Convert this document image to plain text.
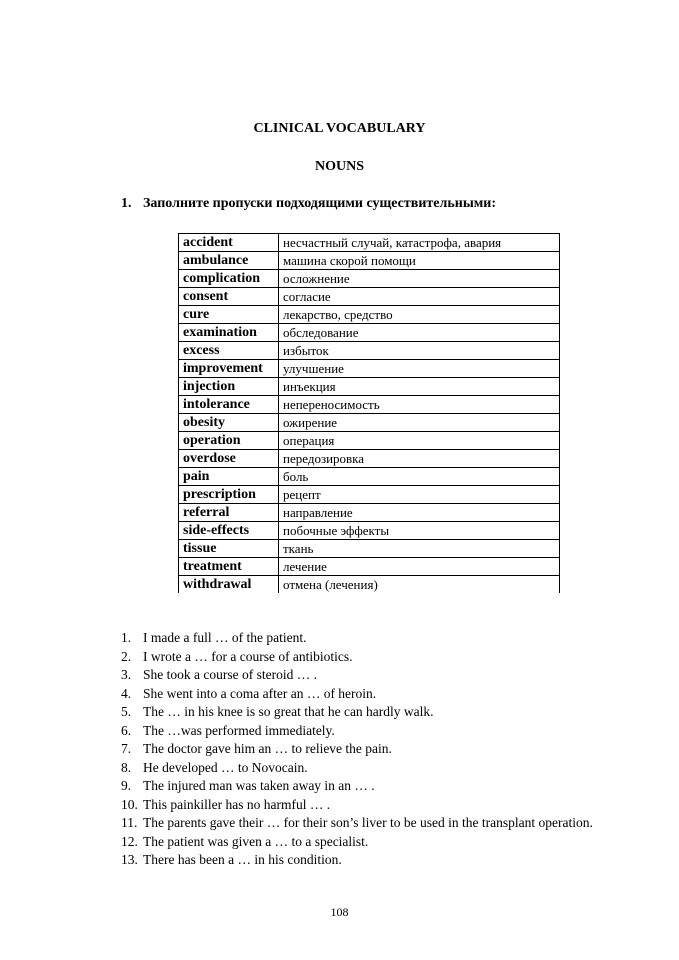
CLINICAL VOCABULARY
NOUNS
1. Заполните пропуски подходящими существительными:
accident	несчастный случай, катастрофа, авария
ambulance	машина скорой помощи
complication	осложнение
consent	согласие
cure	лекарство, средство
examination	обследование
excess	избыток
improvement	улучшение
injection	инъекция
intolerance	непереносимость
obesity	ожирение
operation	операция
overdose	передозировка
pain	боль
prescription	рецепт
referral	направление
side-effects	побочные эффекты
tissue	ткань
treatment	лечение
withdrawal	отмена (лечения)
1. I made a full … of the patient.
2. I wrote a … for a course of antibiotics.
3. She took a course of steroid … .
4. She went into a coma after an … of heroin.
5. The … in his knee is so great that he can hardly walk.
6. The …was performed immediately.
7. The doctor gave him an … to relieve the pain.
8. He developed … to Novocain.
9. The injured man was taken away in an … .
10. This painkiller has no harmful … .
11. The parents gave their … for their son’s liver to be used in the transplant operation.
12. The patient was given a … to a specialist.
13. There has been a … in his condition.
108
